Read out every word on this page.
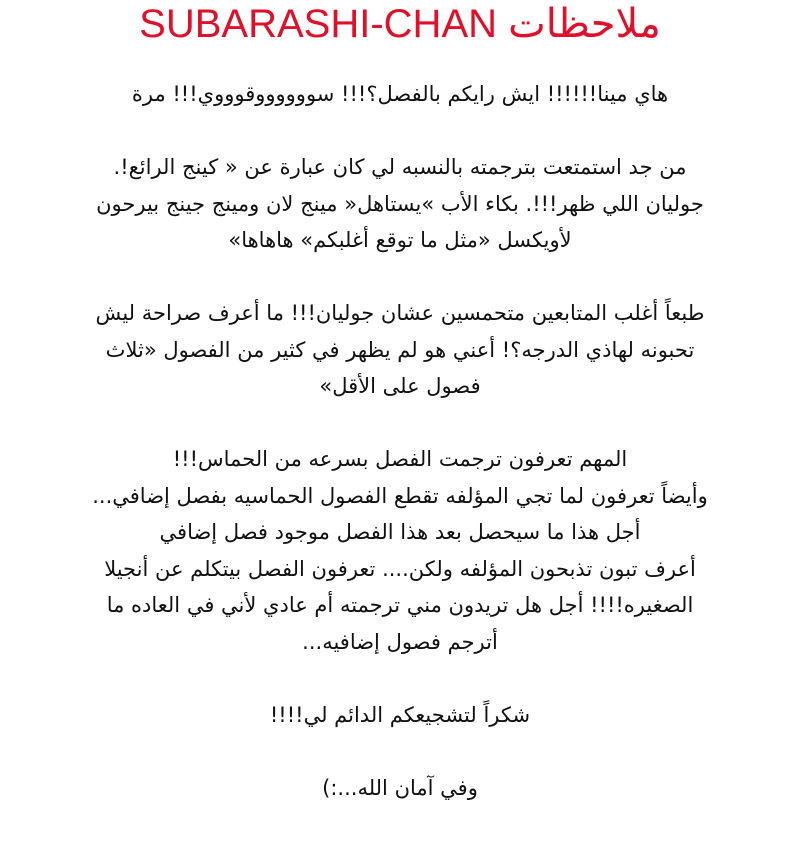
ملاحظات SUBARASHI-CHAN

هاي مينا!!!!!! ايش رايكم بالفصل؟!!! سووووووقوووي!!! مرة

من جد استمتعت بترجمته بالنسبه لي كان عبارة عن « كينج الرائع!.
جوليان اللي ظهر!!!. بكاء الأب »يستاهل« مينج لان ومينج جينج بيرحون
لأويكسل «مثل ما توقع أغلبكم» هاهاها»

طبعاً أغلب المتابعين متحمسين عشان جوليان!!! ما أعرف صراحة ليش
تحبونه لهاذي الدرجه؟! أعني هو لم يظهر في كثير من الفصول «ثلاث
فصول على الأقل»

المهم تعرفون ترجمت الفصل بسرعه من الحماس!!!
وأيضاً تعرفون لما تجي المؤلفه تقطع الفصول الحماسيه بفصل إضافي...
أجل هذا ما سيحصل بعد هذا الفصل موجود فصل إضافي
أعرف تبون تذبحون المؤلفه ولكن.... تعرفون الفصل بيتكلم عن أنجيلا
الصغيره!!!! أجل هل تريدون مني ترجمته أم عادي لأني في العاده ما
أترجم فصول إضافيه...

شكراً لتشجيعكم الدائم لي!!!!

وفي آمان الله...:)
